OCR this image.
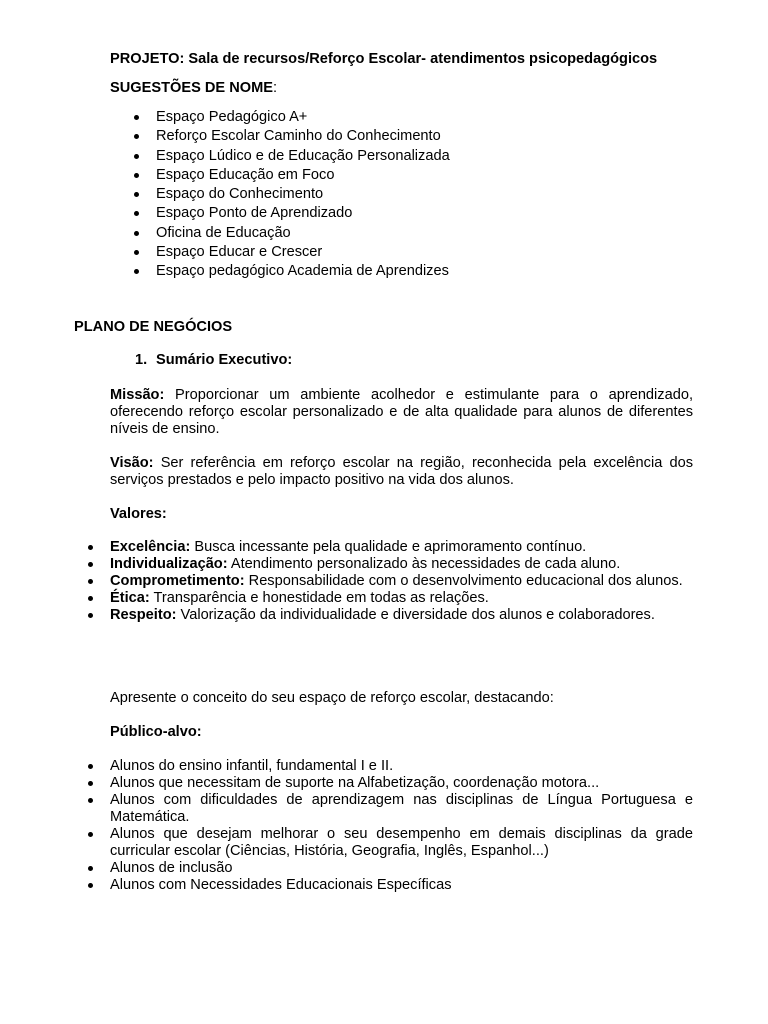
PROJETO: Sala de recursos/Reforço Escolar- atendimentos psicopedagógicos
SUGESTÕES DE NOME:
Espaço Pedagógico A+
Reforço Escolar Caminho do Conhecimento
Espaço Lúdico e de Educação Personalizada
Espaço Educação em Foco
Espaço do Conhecimento
Espaço Ponto de Aprendizado
Oficina de Educação
Espaço Educar e Crescer
Espaço pedagógico Academia de Aprendizes
PLANO DE NEGÓCIOS
1. Sumário Executivo:
Missão: Proporcionar um ambiente acolhedor e estimulante para o aprendizado, oferecendo reforço escolar personalizado e de alta qualidade para alunos de diferentes níveis de ensino.
Visão: Ser referência em reforço escolar na região, reconhecida pela excelência dos serviços prestados e pelo impacto positivo na vida dos alunos.
Valores:
Excelência: Busca incessante pela qualidade e aprimoramento contínuo.
Individualização: Atendimento personalizado às necessidades de cada aluno.
Comprometimento: Responsabilidade com o desenvolvimento educacional dos alunos.
Ética: Transparência e honestidade em todas as relações.
Respeito: Valorização da individualidade e diversidade dos alunos e colaboradores.
Apresente o conceito do seu espaço de reforço escolar, destacando:
Público-alvo:
Alunos do ensino infantil, fundamental I e II.
Alunos que necessitam de suporte na Alfabetização, coordenação motora...
Alunos com dificuldades de aprendizagem nas disciplinas de Língua Portuguesa e Matemática.
Alunos que desejam melhorar o seu desempenho em demais disciplinas da grade curricular escolar (Ciências, História, Geografia, Inglês, Espanhol...)
Alunos de inclusão
Alunos com Necessidades Educacionais Específicas
